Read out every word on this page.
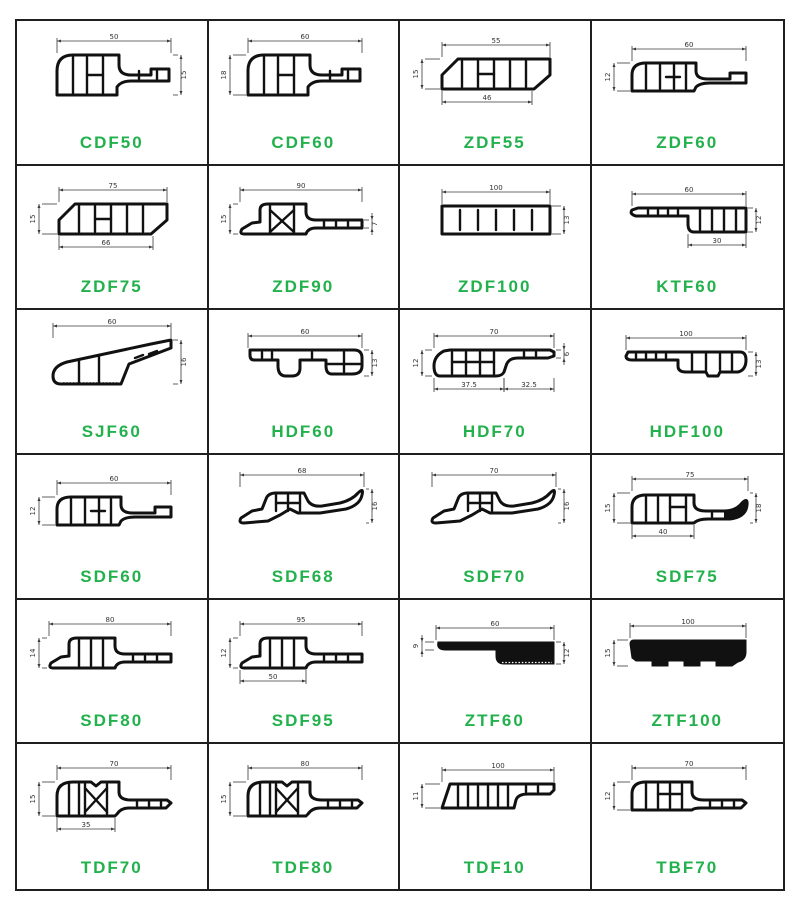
50
15
CDF50
60
18
CDF60
55
15
46
ZDF55
60
12
ZDF60
75
15
66
ZDF75
90
15
7
ZDF90
100
13
ZDF100
60
12
30
KTF60
60
16
SJF60
60
13
HDF60
70
12
6
37.5	32.5
HDF70
100
13
HDF100
60
12
SDF60
68
16
SDF68
70
16
SDF70
75
15	18
40
SDF75
80
14
SDF80
95
12
50
SDF95
60
9
12
ZTF60
100
15
ZTF100
70
15
35
TDF70
80
15
TDF80
100
11
TDF10
70
12
TBF70
